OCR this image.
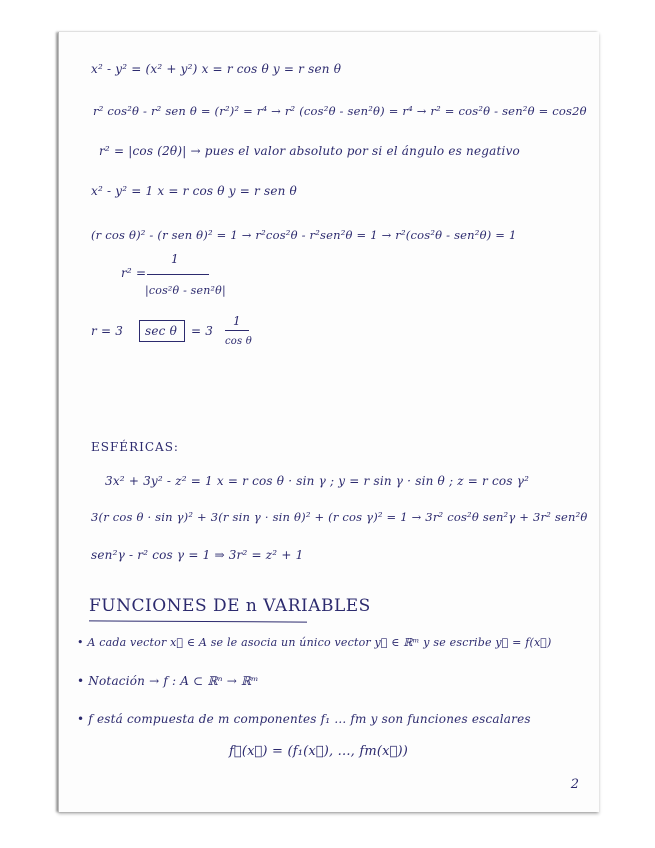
x² - y² = (x² + y²) x = r cos θ y = r sen θ
r² cos²θ - r² sen θ = (r²)² = r⁴ → r² (cos²θ - sen²θ) = r⁴ → r² = cos²θ - sen²θ = cos2θ
r² = |cos (2θ)| → pues el valor absoluto por si el ángulo es negativo
x² - y² = 1 x = r cos θ y = r sen θ
(r cos θ)² - (r sen θ)² = 1 → r²cos²θ - r²sen²θ = 1 → r²(cos²θ - sen²θ) = 1
r² =
1
|cos²θ - sen²θ|
r = 3 sec θ = 3
1
cos θ
ESFÉRICAS:
3x² + 3y² - z² = 1 x = r cos θ · sin γ ; y = r sin γ · sin θ ; z = r cos γ²
3(r cos θ · sin γ)² + 3(r sin γ · sin θ)² + (r cos γ)² = 1 → 3r² cos²θ sen²γ + 3r² sen²θ
sen²γ - r² cos γ = 1 ⇒ 3r² = z² + 1
FUNCIONES DE n VARIABLES
• A cada vector x⃗ ∈ A se le asocia un único vector y⃗ ∈ ℝᵐ y se escribe y⃗ = f(x⃗)
• Notación → f : A ⊂ ℝⁿ → ℝᵐ
• f está compuesta de m componentes f₁ ... fm y son funciones escalares
f⃗(x⃗) = (f₁(x⃗), ..., fm(x⃗))
2
